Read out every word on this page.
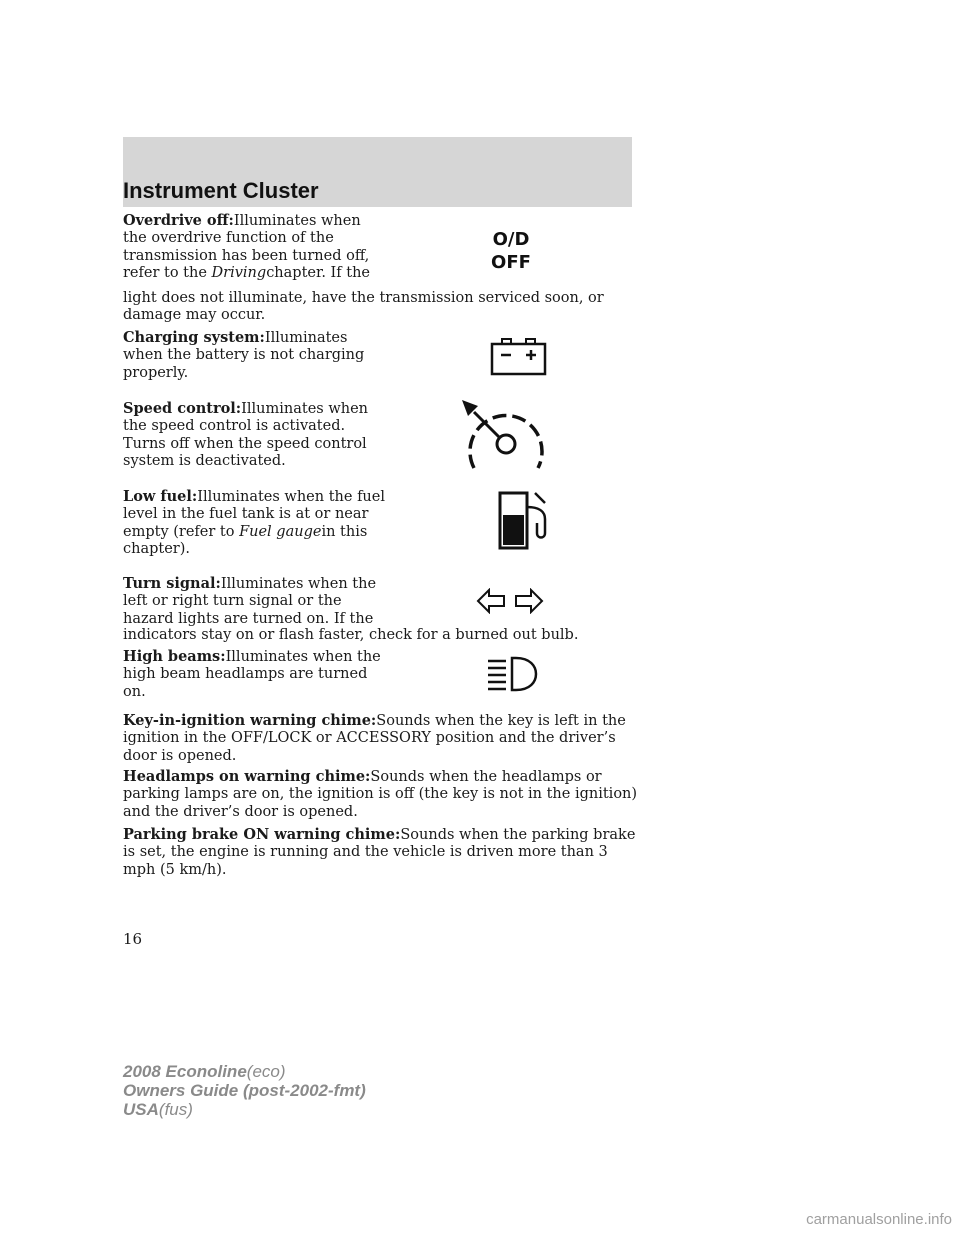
Instrument Cluster

Overdrive off:Illuminates when the overdrive function of the transmission has been turned off, refer to the Drivingchapter. If the

light does not illuminate, have the transmission serviced soon, or damage may occur.

O/D
OFF

Charging system:Illuminates when the battery is not charging properly.

Speed control:Illuminates when the speed control is activated. Turns off when the speed control system is deactivated.

Low fuel:Illuminates when the fuel level in the fuel tank is at or near empty (refer to Fuel gaugein this chapter).

Turn signal:Illuminates when the left or right turn signal or the hazard lights are turned on. If the

indicators stay on or flash faster, check for a burned out bulb.

High beams:Illuminates when the high beam headlamps are turned on.

Key-in-ignition warning chime:Sounds when the key is left in the ignition in the OFF/LOCK or ACCESSORY position and the driver’s door is opened.

Headlamps on warning chime:Sounds when the headlamps or parking lamps are on, the ignition is off (the key is not in the ignition) and the driver’s door is opened.

Parking brake ON warning chime:Sounds when the parking brake is set, the engine is running and the vehicle is driven more than 3 mph (5 km/h).

16
2008 Econoline(eco)
Owners Guide (post-2002-fmt)
USA(fus)
carmanualsonline.info
